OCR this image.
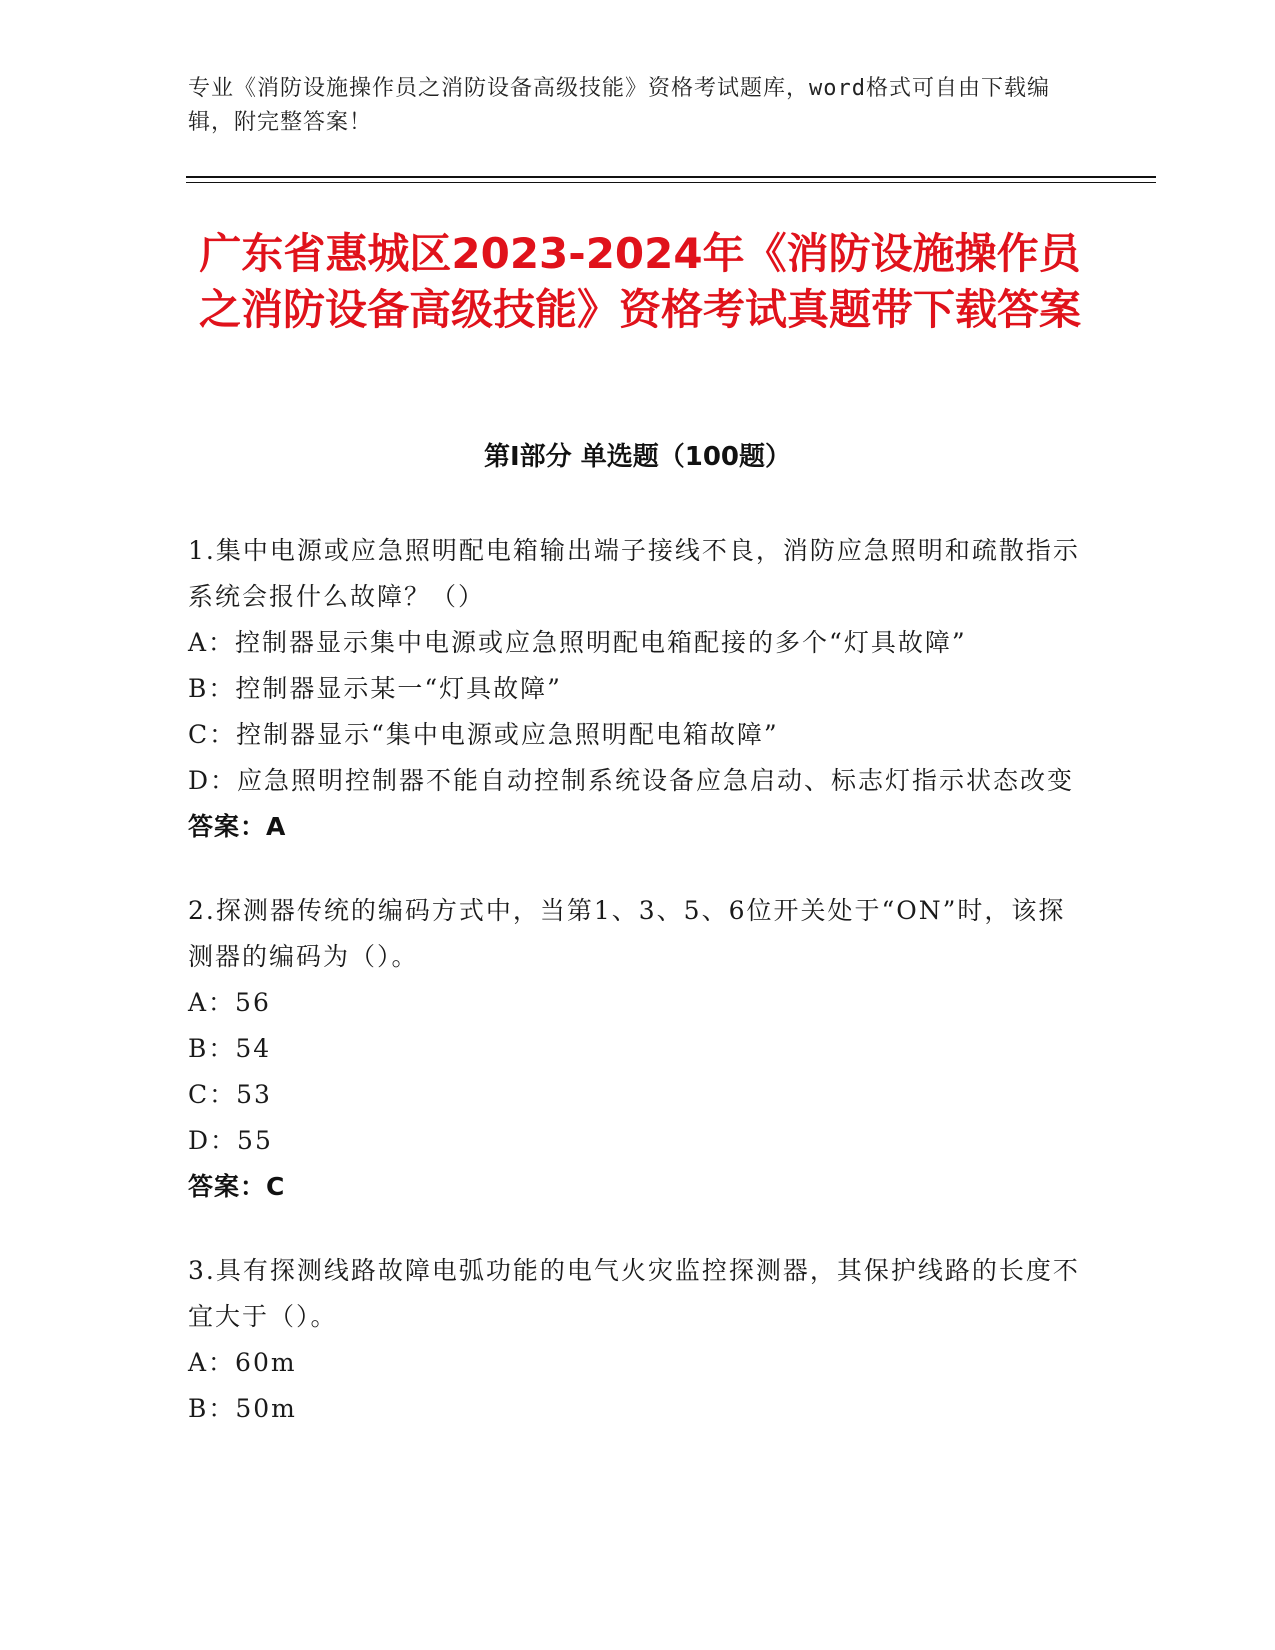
专业《消防设施操作员之消防设备高级技能》资格考试题库，word格式可自由下载编辑，附完整答案！
广东省惠城区2023-2024年《消防设施操作员之消防设备高级技能》资格考试真题带下载答案
第Ⅰ部分 单选题（100题）
1.集中电源或应急照明配电箱输出端子接线不良，消防应急照明和疏散指示系统会报什么故障？（）
A：控制器显示集中电源或应急照明配电箱配接的多个“灯具故障”
B：控制器显示某一“灯具故障”
C：控制器显示“集中电源或应急照明配电箱故障”
D：应急照明控制器不能自动控制系统设备应急启动、标志灯指示状态改变
答案：A
2.探测器传统的编码方式中，当第1、3、5、6位开关处于“ON”时，该探测器的编码为（）。
A：56
B：54
C：53
D：55
答案：C
3.具有探测线路故障电弧功能的电气火灾监控探测器，其保护线路的长度不宜大于（）。
A：60m
B：50m
